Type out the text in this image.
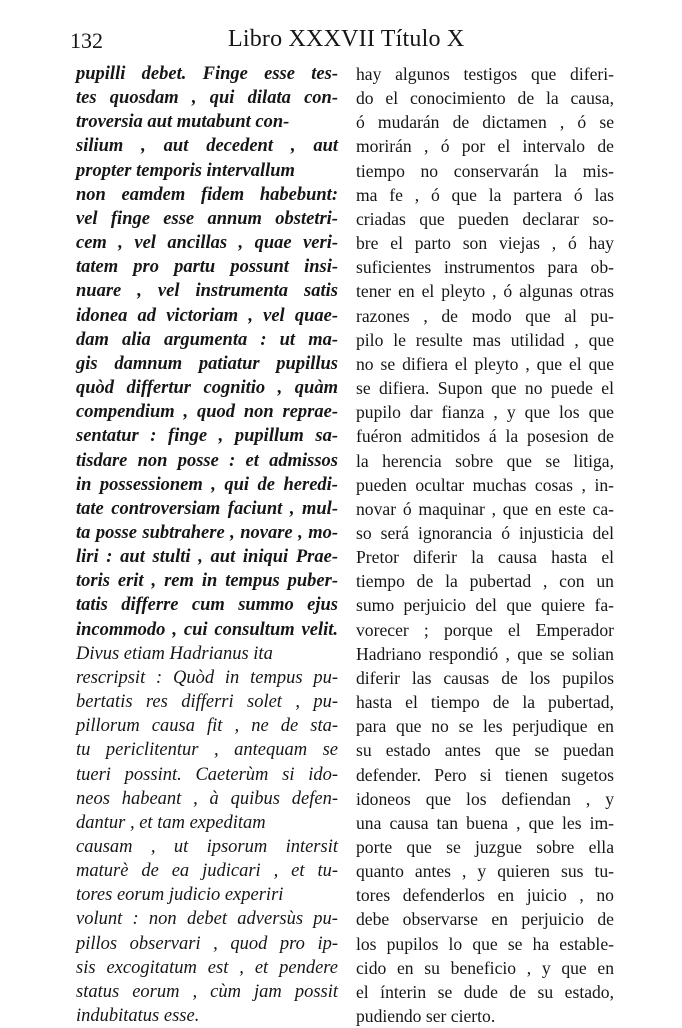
132	Libro XXXVII Título X
pupilli debet. Finge esse tes-
tes quosdam , qui dilata con-
troversia aut mutabunt con-
silium , aut decedent , aut
propter temporis intervallum
non eamdem fidem habebunt:
vel finge esse annum obstetri-
cem , vel ancillas , quae veri-
tatem pro partu possunt insi-
nuare , vel instrumenta satis
idonea ad victoriam , vel quae-
dam alia argumenta : ut ma-
gis damnum patiatur pupillus
quòd differtur cognitio , quàm
compendium , quod non reprae-
sentatur : finge , pupillum sa-
tisdare non posse : et admissos
in possessionem , qui de heredi-
tate controversiam faciunt , mul-
ta posse subtrahere , novare , mo-
liri : aut stulti , aut iniqui Prae-
toris erit , rem in tempus puber-
tatis differre cum summo ejus
incommodo , cui consultum velit.
Divus etiam Hadrianus ita
rescripsit : Quòd in tempus pu-
bertatis res differri solet , pu-
pillorum causa fit , ne de sta-
tu periclitentur , antequam se
tueri possint. Caeterùm si ido-
neos habeant , à quibus defen-
dantur , et tam expeditam
causam , ut ipsorum intersit
maturè de ea judicari , et tu-
tores eorum judicio experiri
volunt : non debet adversùs pu-
pillos observari , quod pro ip-
sis excogitatum est , et pendere
status eorum , cùm jam possit
indubitatus esse.
hay algunos testigos que diferi-
do el conocimiento de la causa,
ó mudarán de dictamen , ó se
morirán , ó por el intervalo de
tiempo no conservarán la mis-
ma fe , ó que la partera ó las
criadas que pueden declarar so-
bre el parto son viejas , ó hay
suficientes instrumentos para ob-
tener en el pleyto , ó algunas otras
razones , de modo que al pu-
pilo le resulte mas utilidad , que
no se difiera el pleyto , que el que
se difiera. Supon que no puede el
pupilo dar fianza , y que los que
fuéron admitidos á la posesion de
la herencia sobre que se litiga,
pueden ocultar muchas cosas , in-
novar ó maquinar , que en este ca-
so será ignorancia ó injusticia del
Pretor diferir la causa hasta el
tiempo de la pubertad , con un
sumo perjuicio del que quiere fa-
vorecer ; porque el Emperador
Hadriano respondió , que se solian
diferir las causas de los pupilos
hasta el tiempo de la pubertad,
para que no se les perjudique en
su estado antes que se puedan
defender. Pero si tienen sugetos
idoneos que los defiendan , y
una causa tan buena , que les im-
porte que se juzgue sobre ella
quanto antes , y quieren sus tu-
tores defenderlos en juicio , no
debe observarse en perjuicio de
los pupilos lo que se ha estable-
cido en su beneficio , y que en
el ínterin se dude de su estado,
pudiendo ser cierto.
